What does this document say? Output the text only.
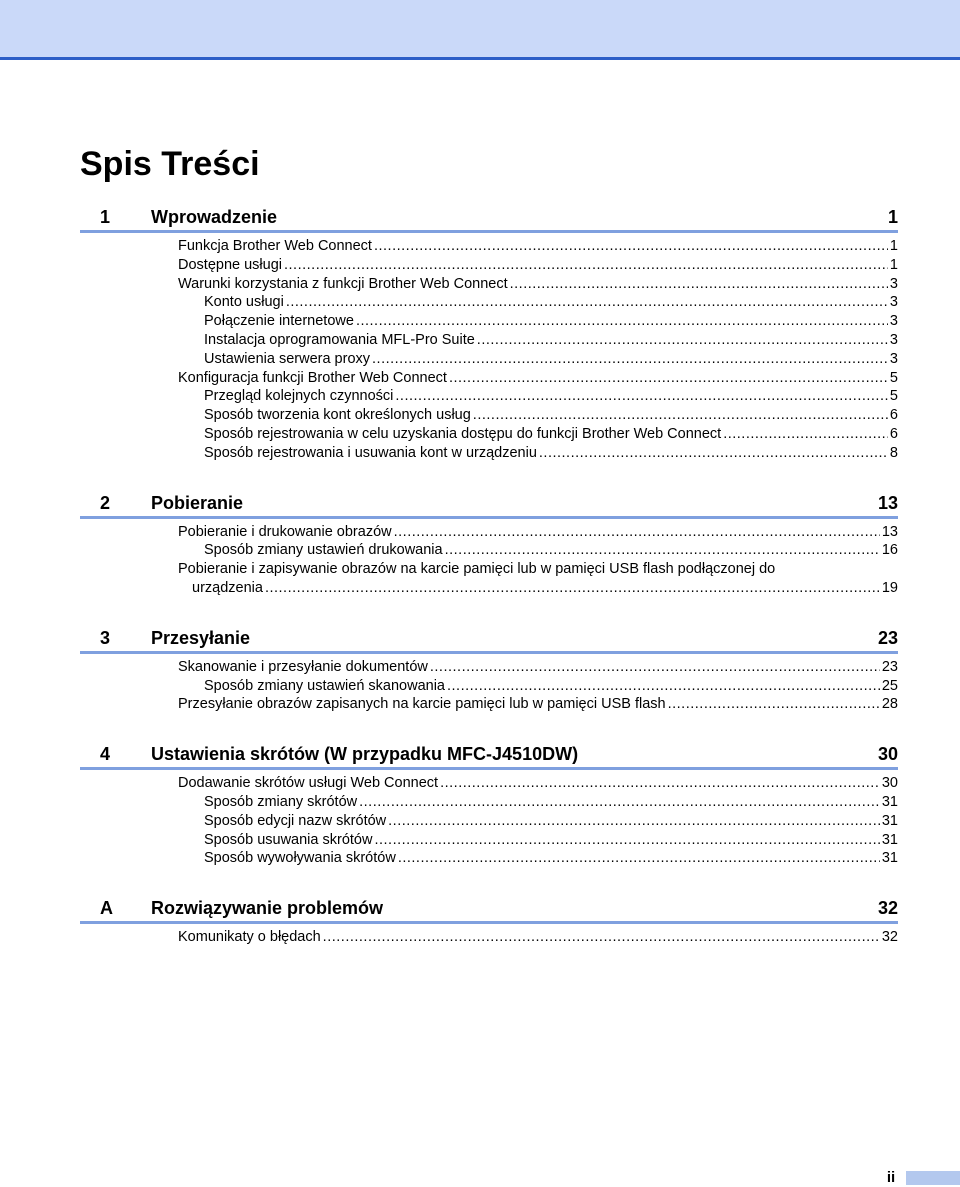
Spis Treści
1 Wprowadzenie	1
Funkcja Brother Web Connect .....	1
Dostępne usługi .....	1
Warunki korzystania z funkcji Brother Web Connect .....	3
Konto usługi .....	3
Połączenie internetowe .....	3
Instalacja oprogramowania MFL-Pro Suite .....	3
Ustawienia serwera proxy .....	3
Konfiguracja funkcji Brother Web Connect .....	5
Przegląd kolejnych czynności .....	5
Sposób tworzenia kont określonych usług .....	6
Sposób rejestrowania w celu uzyskania dostępu do funkcji Brother Web Connect .....	6
Sposób rejestrowania i usuwania kont w urządzeniu .....	8
2 Pobieranie	13
Pobieranie i drukowanie obrazów .....	13
Sposób zmiany ustawień drukowania .....	16
Pobieranie i zapisywanie obrazów na karcie pamięci lub w pamięci USB flash podłączonej do
urządzenia .....	19
3 Przesyłanie	23
Skanowanie i przesyłanie dokumentów .....	23
Sposób zmiany ustawień skanowania .....	25
Przesyłanie obrazów zapisanych na karcie pamięci lub w pamięci USB flash .....	28
4 Ustawienia skrótów (W przypadku MFC-J4510DW)	30
Dodawanie skrótów usługi Web Connect .....	30
Sposób zmiany skrótów .....	31
Sposób edycji nazw skrótów .....	31
Sposób usuwania skrótów .....	31
Sposób wywoływania skrótów .....	31
A Rozwiązywanie problemów	32
Komunikaty o błędach .....	32
ii
